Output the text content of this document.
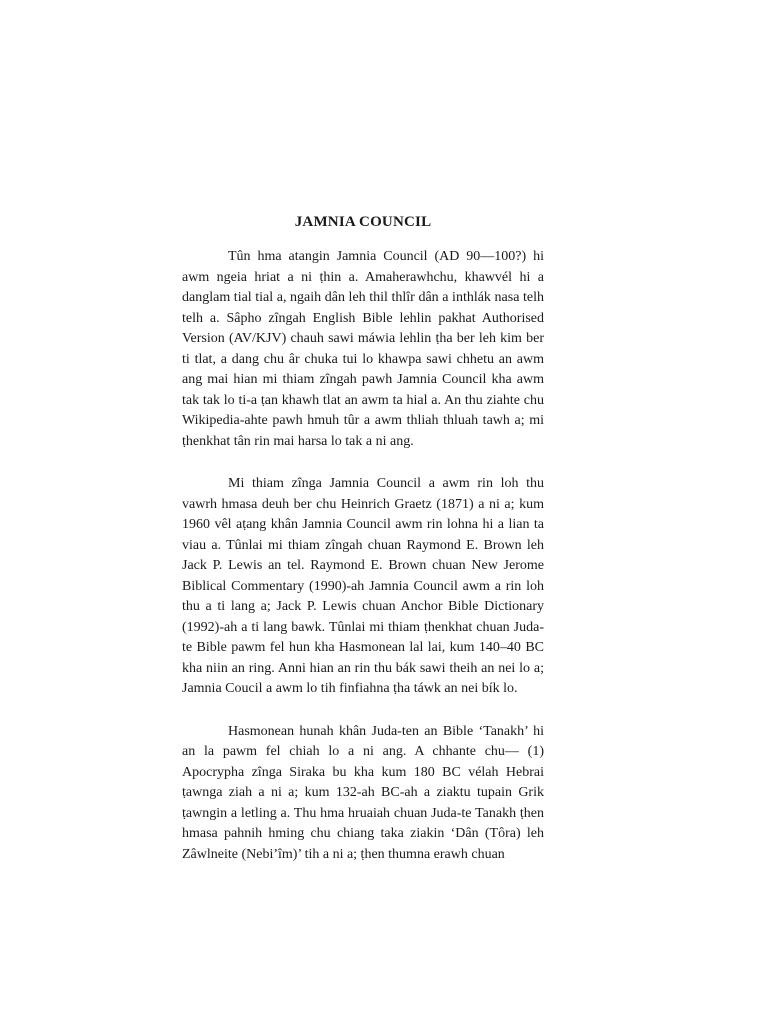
JAMNIA COUNCIL

Tûn hma atangin Jamnia Council (AD 90—100?) hi awm ngeia hriat a ni ṭhin a. Amaherawhchu, khawvél hi a danglam tial tial a, ngaih dân leh thil thlîr dân a inthlák nasa telh telh a. Sâpho zîngah English Bible lehlin pakhat Authorised Version (AV/KJV) chauh sawi máwia lehlin ṭha ber leh kim ber ti tlat, a dang chu âr chuka tui lo khawpa sawi chhetu an awm ang mai hian mi thiam zîngah pawh Jamnia Council kha awm tak tak lo ti-a ṭan khawh tlat an awm ta hial a. An thu ziahte chu Wikipedia-ahte pawh hmuh tûr a awm thliah thluah tawh a; mi ṭhenkhat tân rin mai harsa lo tak a ni ang.

Mi thiam zînga Jamnia Council a awm rin loh thu vawrh hmasa deuh ber chu Heinrich Graetz (1871) a ni a; kum 1960 vêl aṭang khân Jamnia Council awm rin lohna hi a lian ta viau a. Tûnlai mi thiam zîngah chuan Raymond E. Brown leh Jack P. Lewis an tel. Raymond E. Brown chuan New Jerome Biblical Commentary (1990)-ah Jamnia Council awm a rin loh thu a ti lang a; Jack P. Lewis chuan Anchor Bible Dictionary (1992)-ah a ti lang bawk. Tûnlai mi thiam ṭhenkhat chuan Juda-te Bible pawm fel hun kha Hasmonean lal lai, kum 140–40 BC kha niin an ring. Anni hian an rin thu bák sawi theih an nei lo a; Jamnia Coucil a awm lo tih finfiahna ṭha táwk an nei bík lo.

Hasmonean hunah khân Juda-ten an Bible ‘Tanakh’ hi an la pawm fel chiah lo a ni ang. A chhante chu— (1) Apocrypha zînga Siraka bu kha kum 180 BC vélah Hebrai ṭawngа ziah a ni a; kum 132-ah BC-ah a ziaktu tupain Grik ṭawngin a letling a. Thu hma hruaiah chuan Juda-te Tanakh ṭhen hmasa pahnih hming chu chiang taka ziakin ‘Dân (Tôra) leh Zâwlneite (Nebi’îm)’ tih a ni a; ṭhen thumna erawh chuan
